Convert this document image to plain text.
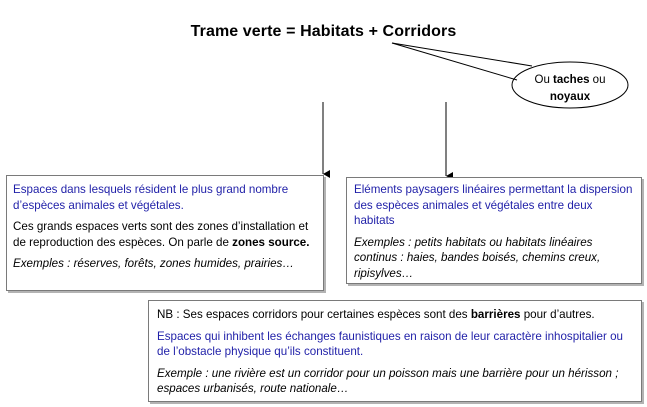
Trame verte = Habitats + Corridors
Ou taches ou
noyaux

Espaces dans lesquels résident le plus grand nombre d’espèces animales et végétales.

Ces grands espaces verts sont des zones d’installation et de reproduction des espèces. On parle de zones source.

Exemples : réserves, forêts, zones humides, prairies…

Eléments paysagers linéaires permettant la dispersion des espèces animales et végétales entre deux habitats

Exemples : petits habitats ou habitats linéaires continus : haies, bandes boisés, chemins creux, ripisylves…

NB : Ses espaces corridors pour certaines espèces sont des barrières pour d’autres.

Espaces qui inhibent les échanges faunistiques en raison de leur caractère inhospitalier ou de l’obstacle physique qu’ils constituent.

Exemple : une rivière est un corridor pour un poisson mais une barrière pour un hérisson ; espaces urbanisés, route nationale…
